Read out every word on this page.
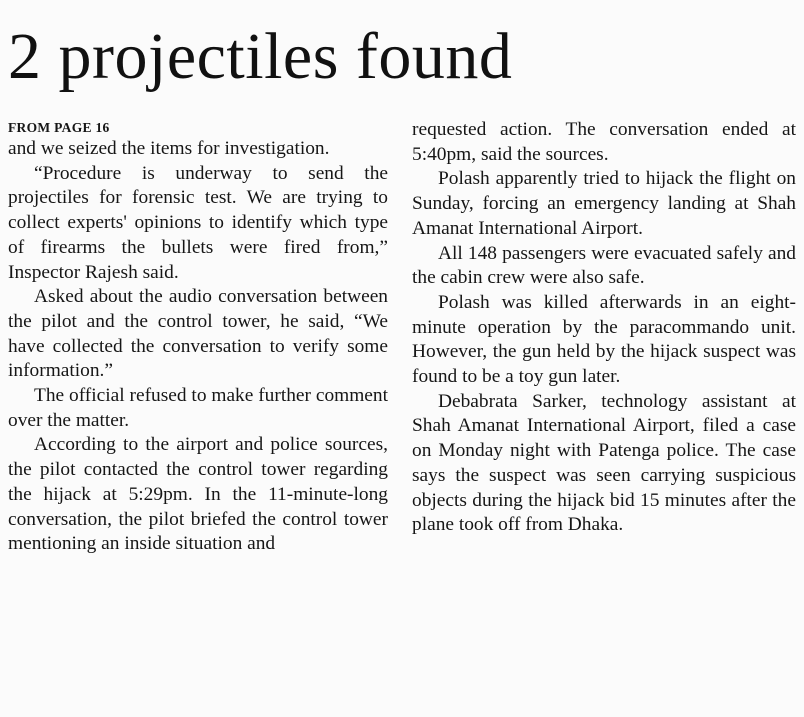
2 projectiles found

FROM PAGE 16

and we seized the items for investigation.

“Procedure is underway to send the projectiles for forensic test. We are trying to collect experts' opinions to identify which type of firearms the bullets were fired from,” Inspector Rajesh said.

Asked about the audio conversation between the pilot and the control tower, he said, “We have collected the conversation to verify some information.”

The official refused to make further comment over the matter.

According to the airport and police sources, the pilot contacted the control tower regarding the hijack at 5:29pm. In the 11-minute-long conversation, the pilot briefed the control tower mentioning an inside situation and

requested action. The conversation ended at 5:40pm, said the sources.

Polash apparently tried to hijack the flight on Sunday, forcing an emergency landing at Shah Amanat International Airport.

All 148 passengers were evacuated safely and the cabin crew were also safe.

Polash was killed afterwards in an eight-minute operation by the paracommando unit. However, the gun held by the hijack suspect was found to be a toy gun later.

Debabrata Sarker, technology assistant at Shah Amanat International Airport, filed a case on Monday night with Patenga police. The case says the suspect was seen carrying suspicious objects during the hijack bid 15 minutes after the plane took off from Dhaka.
